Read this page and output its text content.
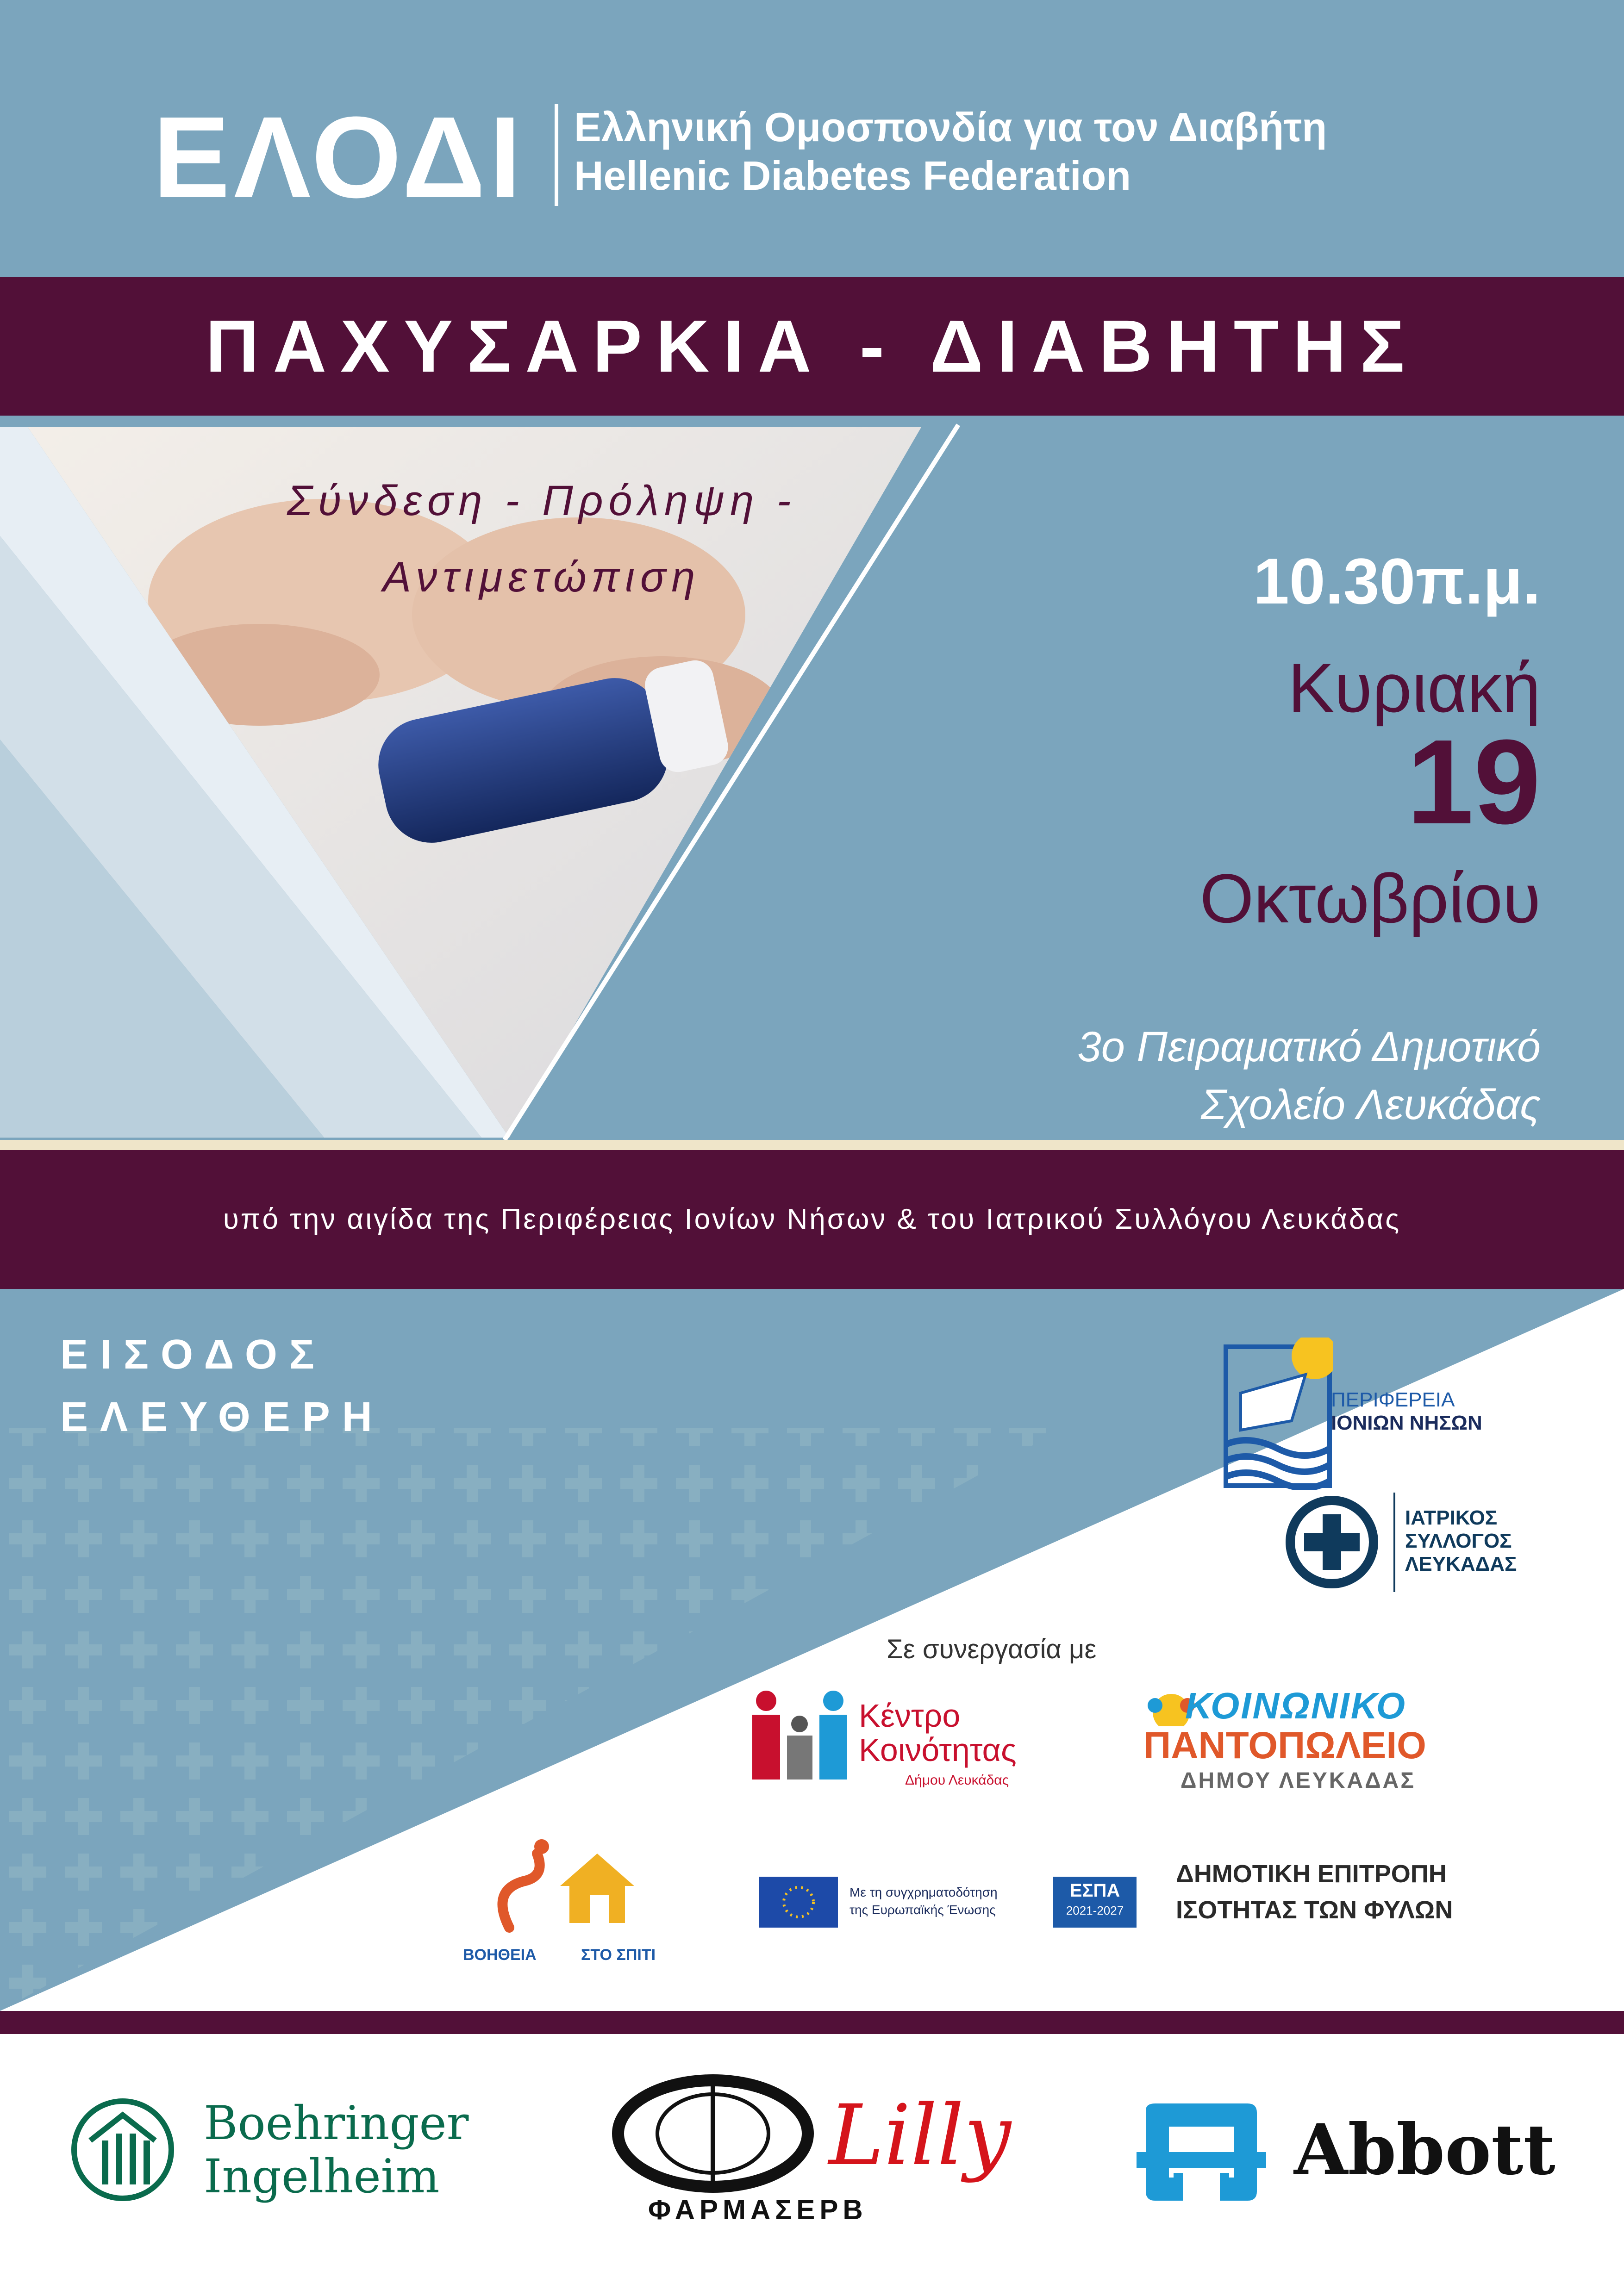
ΕΛΟΔΙ Ελληνική Ομοσπονδία για τον Διαβήτη
Hellenic Diabetes Federation
ΠΑΧΥΣΑΡΚΙΑ - ΔΙΑΒΗΤΗΣ
Σύνδεση - Πρόληψη -
Αντιμετώπιση	10.30π.μ.
Κυριακή
19
Οκτωβρίου
3ο Πειραματικό Δημοτικό
Σχολείο Λευκάδας
υπό την αιγίδα της Περιφέρειας Ιονίων Νήσων & του Ιατρικού Συλλόγου Λευκάδας
ΕΙΣΟΔΟΣ
ΕΛΕΥΘΕΡΗ	ΠΕΡΙΦΕΡΕΙΑ
ΙΟΝΙΩΝ ΝΗΣΩΝ
ΙΑΤΡΙΚΟΣ
ΣΥΛΛΟΓΟΣ
ΛΕΥΚΑΔΑΣ
Σε συνεργασία με
Κέντρο
Κοινότητας
Δήμου Λευκάδας
ΚΟΙΝΩΝΙΚΟ
ΠΑΝΤΟΠΩΛΕΙΟ
ΔΗΜΟΥ ΛΕΥΚΑΔΑΣ
ΒΟΗΘΕΙΑ	ΣΤΟ ΣΠΙΤΙ
Με τη συγχρηματοδότηση
της Ευρωπαϊκής Ένωσης
ΕΣΠΑ
2021-2027
ΔΗΜΟΤΙΚΗ ΕΠΙΤΡΟΠΗ
ΙΣΟΤΗΤΑΣ ΤΩΝ ΦΥΛΩΝ
Boehringer
Ingelheim	Lilly
ΦΑΡΜΑΣΕΡΒ
Abbott
